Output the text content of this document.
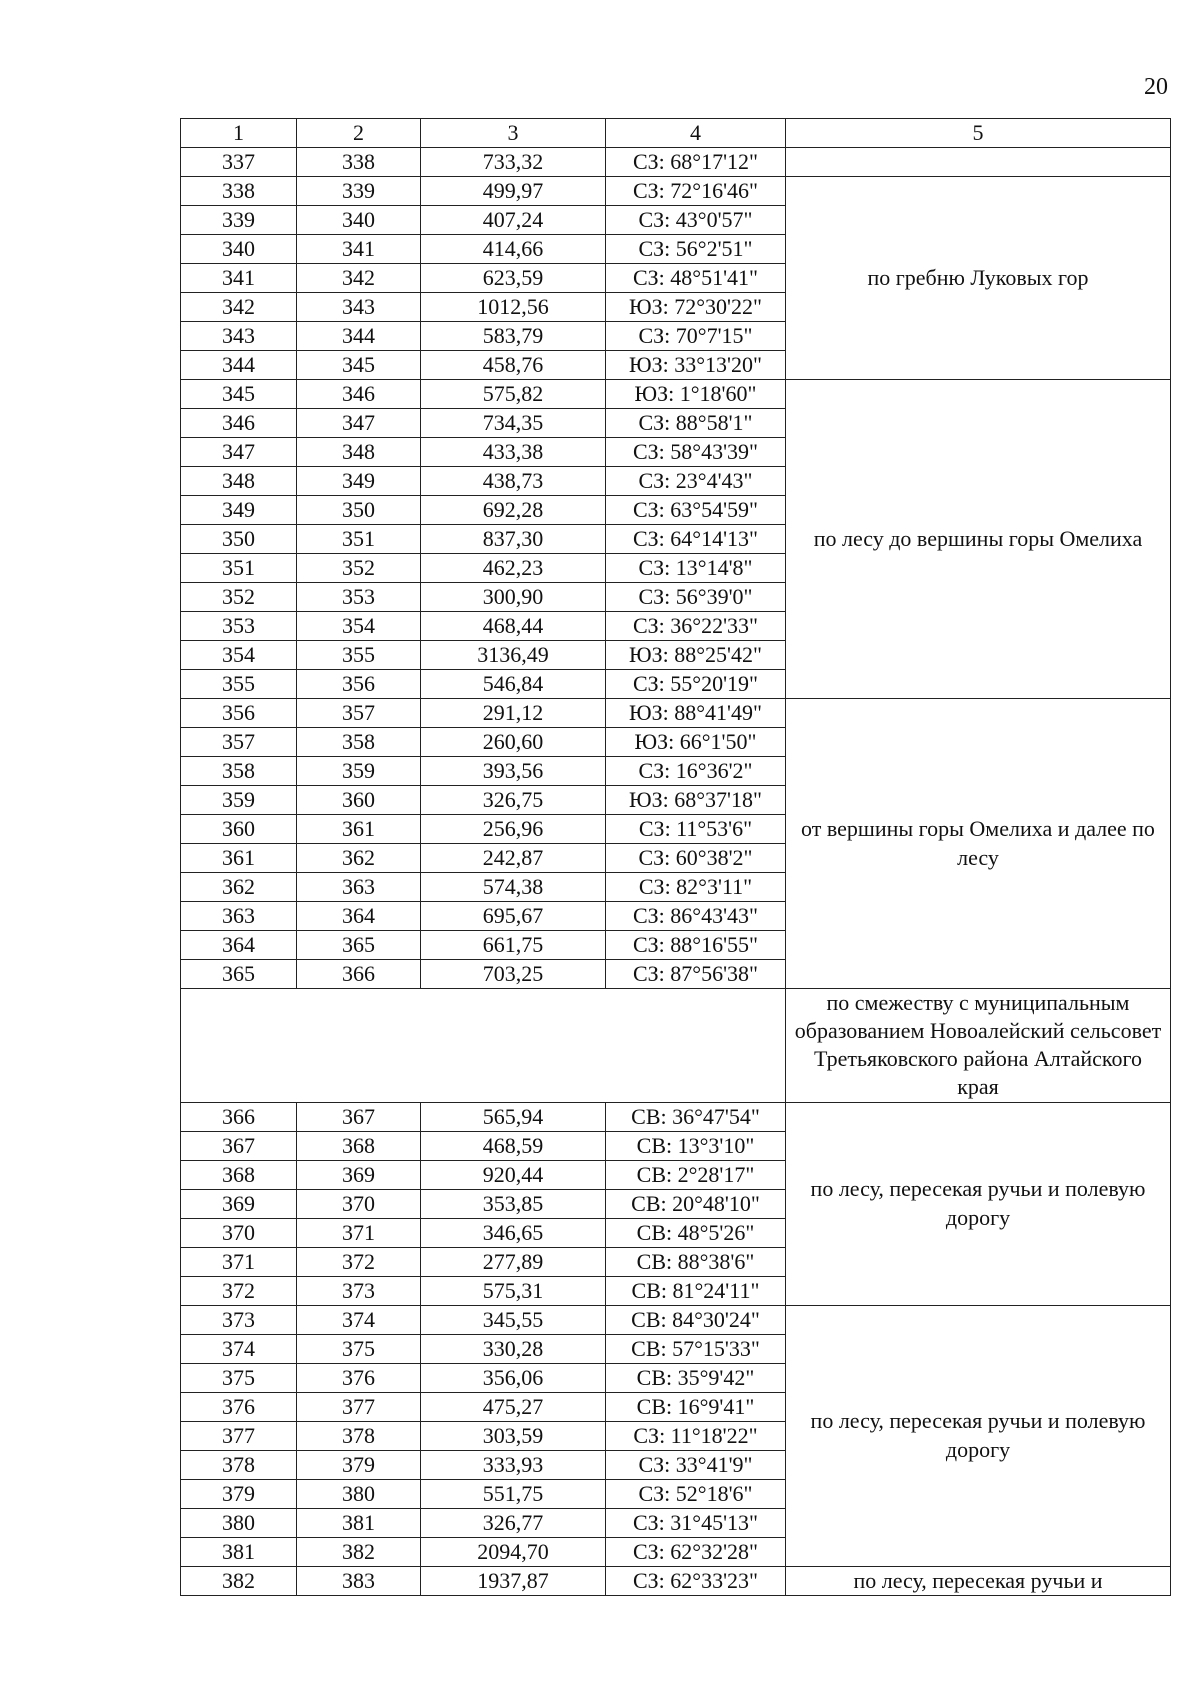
20
1	2	3	4	5
337	338	733,32	СЗ: 68°17'12"	
338	339	499,97	СЗ: 72°16'46"	по гребню Луковых гор
339	340	407,24	СЗ: 43°0'57"	
340	341	414,66	СЗ: 56°2'51"	
341	342	623,59	СЗ: 48°51'41"	
342	343	1012,56	ЮЗ: 72°30'22"	
343	344	583,79	СЗ: 70°7'15"	
344	345	458,76	ЮЗ: 33°13'20"	
345	346	575,82	ЮЗ: 1°18'60"	по лесу до вершины горы Омелиха
346	347	734,35	СЗ: 88°58'1"	
347	348	433,38	СЗ: 58°43'39"	
348	349	438,73	СЗ: 23°4'43"	
349	350	692,28	СЗ: 63°54'59"	
350	351	837,30	СЗ: 64°14'13"	
351	352	462,23	СЗ: 13°14'8"	
352	353	300,90	СЗ: 56°39'0"	
353	354	468,44	СЗ: 36°22'33"	
354	355	3136,49	ЮЗ: 88°25'42"	
355	356	546,84	СЗ: 55°20'19"	
356	357	291,12	ЮЗ: 88°41'49"	от вершины горы Омелиха и далее по лесу
357	358	260,60	ЮЗ: 66°1'50"	
358	359	393,56	СЗ: 16°36'2"	
359	360	326,75	ЮЗ: 68°37'18"	
360	361	256,96	СЗ: 11°53'6"	
361	362	242,87	СЗ: 60°38'2"	
362	363	574,38	СЗ: 82°3'11"	
363	364	695,67	СЗ: 86°43'43"	
364	365	661,75	СЗ: 88°16'55"	
365	366	703,25	СЗ: 87°56'38"	
				по смежеству с муниципальным образованием Новоалейский сельсовет Третьяковского района Алтайского края
366	367	565,94	СВ: 36°47'54"	по лесу, пересекая ручьи и полевую дорогу
367	368	468,59	СВ: 13°3'10"	
368	369	920,44	СВ: 2°28'17"	
369	370	353,85	СВ: 20°48'10"	
370	371	346,65	СВ: 48°5'26"	
371	372	277,89	СВ: 88°38'6"	
372	373	575,31	СВ: 81°24'11"	
373	374	345,55	СВ: 84°30'24"	по лесу, пересекая ручьи и полевую дорогу
374	375	330,28	СВ: 57°15'33"	
375	376	356,06	СВ: 35°9'42"	
376	377	475,27	СВ: 16°9'41"	
377	378	303,59	СЗ: 11°18'22"	
378	379	333,93	СЗ: 33°41'9"	
379	380	551,75	СЗ: 52°18'6"	
380	381	326,77	СЗ: 31°45'13"	
381	382	2094,70	СЗ: 62°32'28"	
382	383	1937,87	СЗ: 62°33'23"	по лесу, пересекая ручьи и
